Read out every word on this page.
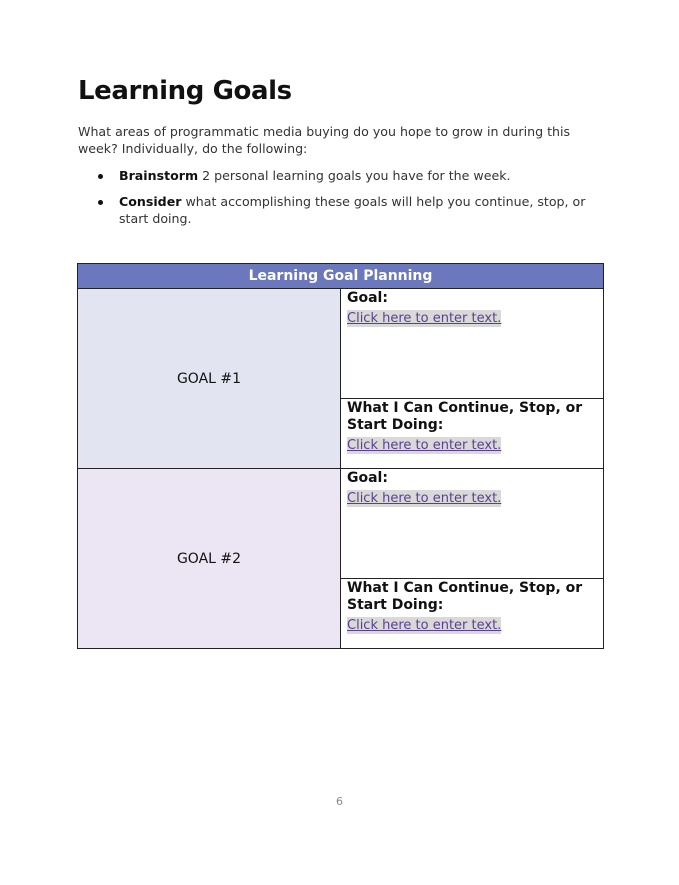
Learning Goals

What areas of programmatic media buying do you hope to grow in during this week? Individually, do the following:

Brainstorm 2 personal learning goals you have for the week.
Consider what accomplishing these goals will help you continue, stop, or start doing.
Learning Goal Planning	
GOAL #1	Goal:
Click here to enter text.

	What I Can Continue, Stop, or Start Doing:
Click here to enter text.
GOAL #2	Goal:
Click here to enter text.

	What I Can Continue, Stop, or Start Doing:
Click here to enter text.
6
